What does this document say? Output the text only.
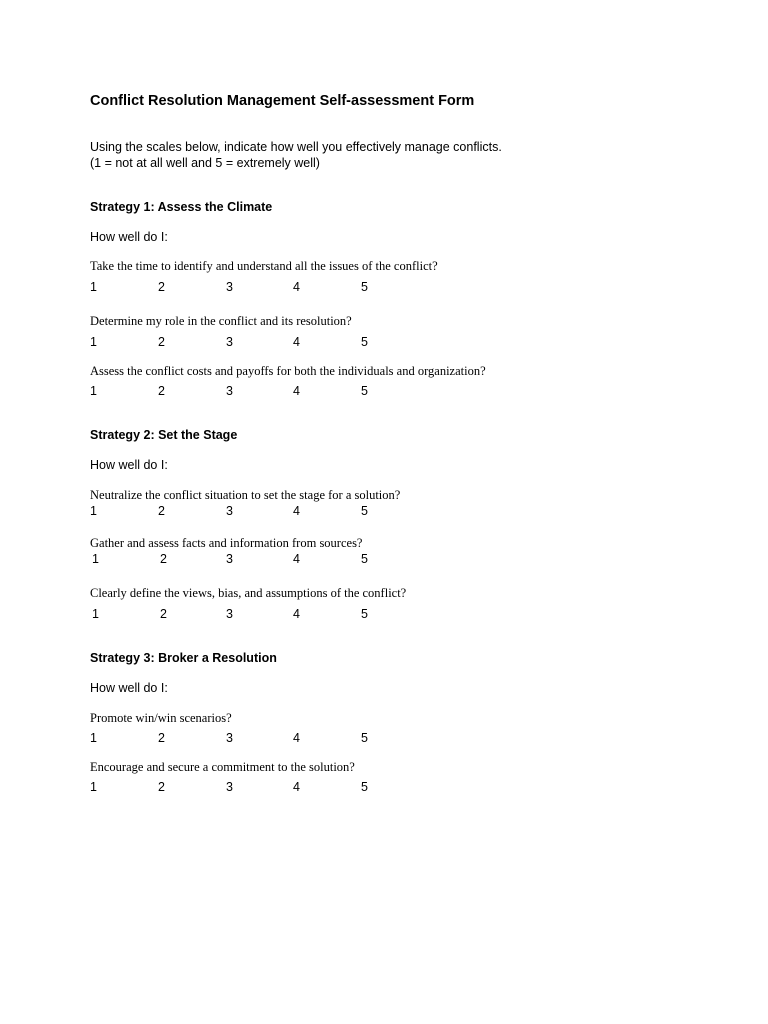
Conflict Resolution Management Self-assessment Form

Using the scales below, indicate how well you effectively manage conflicts.

(1 = not at all well and 5 = extremely well)

Strategy 1: Assess the Climate

How well do I:

Take the time to identify and understand all the issues of the conflict?

1	2	3	4	5

Determine my role in the conflict and its resolution?

1	2	3	4	5

Assess the conflict costs and payoffs for both the individuals and organization?

1	2	3	4	5
Strategy 2: Set the Stage

How well do I:

Neutralize the conflict situation to set the stage for a solution?

1	2	3	4	5

Gather and assess facts and information from sources?

1	2	3	4	5

Clearly define the views, bias, and assumptions of the conflict?

1	2	3	4	5
Strategy 3: Broker a Resolution

How well do I:

Promote win/win scenarios?

1	2	3	4	5

Encourage and secure a commitment to the solution?

1	2	3	4	5
